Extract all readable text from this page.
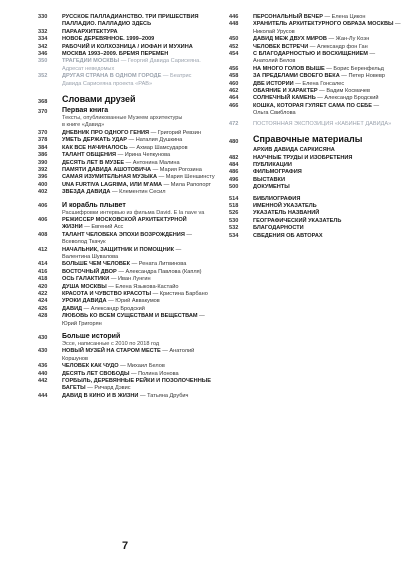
330	РУССКОЕ ПАЛЛАДИАНСТВО. ТРИ ПРИШЕСТВИЯ
ПАЛЛАДИО. ПАЛЛАДИО ЗДЕСЬ
332	ПАРААРХИТЕКТУРА
334	НОВОЕ ДЕРЕВЯННОЕ. 1999–2009
342	РАБОЧИЙ И КОЛХОЗНИЦА / ИОФАН И МУХИНА
346	МОСКВА 1993–2009. БРЕМЯ ПЕРЕМЕН
350	ТРАГЕДИИ МОСКВЫ — Георгий Давида Сарисеяна.
Адресат неведомых
352	ДРУГАЯ СТРАНА В ОДНОМ ГОРОДЕ — Беатрис
Давида Сарисеяна проекта «РАВ»
368 Словами друзей
370 Первая книга
Тексты, опубликованные Музеем архитектуры
в книге «Давид»
370	ДНЕВНИК ПРО ОДНОГО ГЕНИЯ — Григорий Ревзин
378	УМЕТЬ ДЕРЖАТЬ УДАР — Наталия Душкина
384	КАК ВСЕ НАЧИНАЛОСЬ — Ахмар Шамсударов
386	ТАЛАНТ ОБЩЕНИЯ — Ирина Чепкунова
390	ДЕСЯТЬ ЛЕТ В МУЗЕЕ — Антонина Малина
392	ПАМЯТИ ДАВИДА АШОТОВИЧА — Мария Рогозина
396	САМАЯ ИЗУМИТЕЛЬНАЯ МУЗЫКА — Мария Шеншинсту
400	UNA FURTIVA LAGRIMA, ИЛИ M'AMA — Мила Рапопорт
402	ЗВЕЗДА ДАВИДА — Клементин Сесил
406 И корабль плывет
Расшифровки интервью из фильма David. E la nave va
406	РЕЖИССЕР МОСКОВСКОЙ АРХИТЕКТУРНОЙ
ЖИЗНИ — Евгений Асс
408	ТАЛАНТ ЧЕЛОВЕКА ЭПОХИ ВОЗРОЖДЕНИЯ —
Всеволод Ткачук
412	НАЧАЛЬНИК, ЗАЩИТНИК И ПОМОЩНИК —
Валентина Шувалова
414	БОЛЬШЕ ЧЕМ ЧЕЛОВЕК — Рената Литвинова
416	ВОСТОЧНЫЙ ДВОР — Александра Павлова (Капля)
418	ОСЬ ГАЛАКТИКИ — Иван Лунгин
420	ДУША МОСКВЫ — Елена Языкова-Кастайо
422	КРАСОТА И ЧУВСТВО КРАСОТЫ — Кристина Барбано
424	УРОКИ ДАВИДА — Юрий Аввакумов
426	ДАВИД — Александр Бродский
428	ЛЮБОВЬ КО ВСЕМ СУЩЕСТВАМ И ВЕЩЕСТВАМ —
Юрий Григорян
430 Больше историй
Эссе, написанные с 2010 по 2018 год
430	НОВЫЙ МУЗЕЙ НА СТАРОМ МЕСТЕ — Анатолий
Коршунов
436	ЧЕЛОВЕК КАК ЧУДО — Михаил Белов
440	ДЕСЯТЬ ЛЕТ СВОБОДЫ — Полина Ионова
442	ГОРБЫЛЬ, ДЕРЕВЯННЫЕ РЕЙКИ И ПОЗОЛОЧЕННЫЕ
БАГЕТЫ — Ричард Дэвис
444	ДАВИД В КИНО И В ЖИЗНИ — Татьяна Друбич
446	ПЕРСОНАЛЬНЫЙ ВЕЧЕР — Елена Цикон
448	ХРАНИТЕЛЬ АРХИТЕКТУРНОГО ОБРАЗА МОСКВЫ —
Николай Урусов
450	ДАВИД МЕЖ ДВУХ МИРОВ — Жан-Лу Коэн
452	ЧЕЛОВЕК ВСТРЕЧИ — Александр фон Ган
454	С БЛАГОДАРНОСТЬЮ И ВОСХИЩЕНИЕМ —
Анатолий Белов
456	НА МНОГО ГОЛОВ ВЫШЕ — Борис Беренфельд
458	ЗА ПРЕДЕЛАМИ СВОЕГО ВЕКА — Петер Новевр
460	ДВЕ ИСТОРИИ — Елена Гонсалес
462	ОБАЯНИЕ И ХАРАКТЕР — Вадим Космачев
464	СОЛНЕЧНЫЙ КАМЕНЬ — Александр Бродский
466	КОШКА, КОТОРАЯ ГУЛЯЕТ САМА ПО СЕБЕ —
Ольга Свиблова
472	ПОСТОЯННАЯ ЭКСПОЗИЦИЯ «КАБИНЕТ ДАВИДА»
480 Справочные материалы
АРХИВ ДАВИДА САРКИСЯНА
482	НАУЧНЫЕ ТРУДЫ И ИЗОБРЕТЕНИЯ
484	ПУБЛИКАЦИИ
486	ФИЛЬМОГРАФИЯ
496	ВЫСТАВКИ
500	ДОКУМЕНТЫ
514	БИБЛИОГРАФИЯ
518	ИМЕННОЙ УКАЗАТЕЛЬ
526	УКАЗАТЕЛЬ НАЗВАНИЙ
530	ГЕОГРАФИЧЕСКИЙ УКАЗАТЕЛЬ
532	БЛАГОДАРНОСТИ
534	СВЕДЕНИЯ ОБ АВТОРАХ
7
